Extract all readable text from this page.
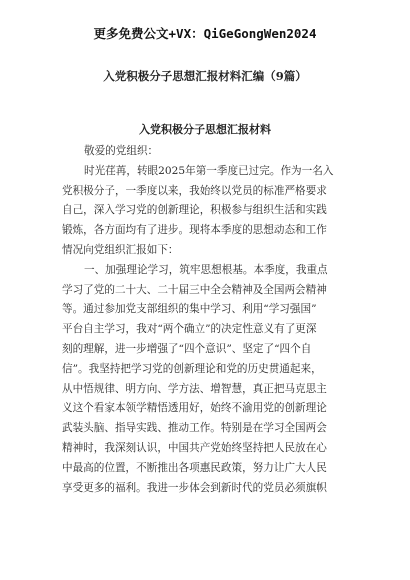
更多免费公文+VX：QiGeGongWen2024
入党积极分子思想汇报材料汇编（9篇）
入党积极分子思想汇报材料
敬爱的党组织：
时光荏苒，转眼2025年第一季度已过完。作为一名入
党积极分子，一季度以来，我始终以党员的标准严格要求
自己，深入学习党的创新理论，积极参与组织生活和实践
锻炼，各方面均有了进步。现将本季度的思想动态和工作
情况向党组织汇报如下：
一、加强理论学习，筑牢思想根基。本季度，我重点
学习了党的二十大、二十届三中全会精神及全国两会精神
等。通过参加党支部组织的集中学习、利用“学习强国”
平台自主学习，我对“两个确立”的决定性意义有了更深
刻的理解，进一步增强了“四个意识”、坚定了“四个自
信”。我坚持把学习党的创新理论和党的历史贯通起来，
从中悟规律、明方向、学方法、增智慧，真正把马克思主
义这个看家本领学精悟透用好，始终不渝用党的创新理论
武装头脑、指导实践、推动工作。特别是在学习全国两会
精神时，我深刻认识，中国共产党始终坚持把人民放在心
中最高的位置，不断推出各项惠民政策，努力让广大人民
享受更多的福利。我进一步体会到新时代的党员必须旗帜
